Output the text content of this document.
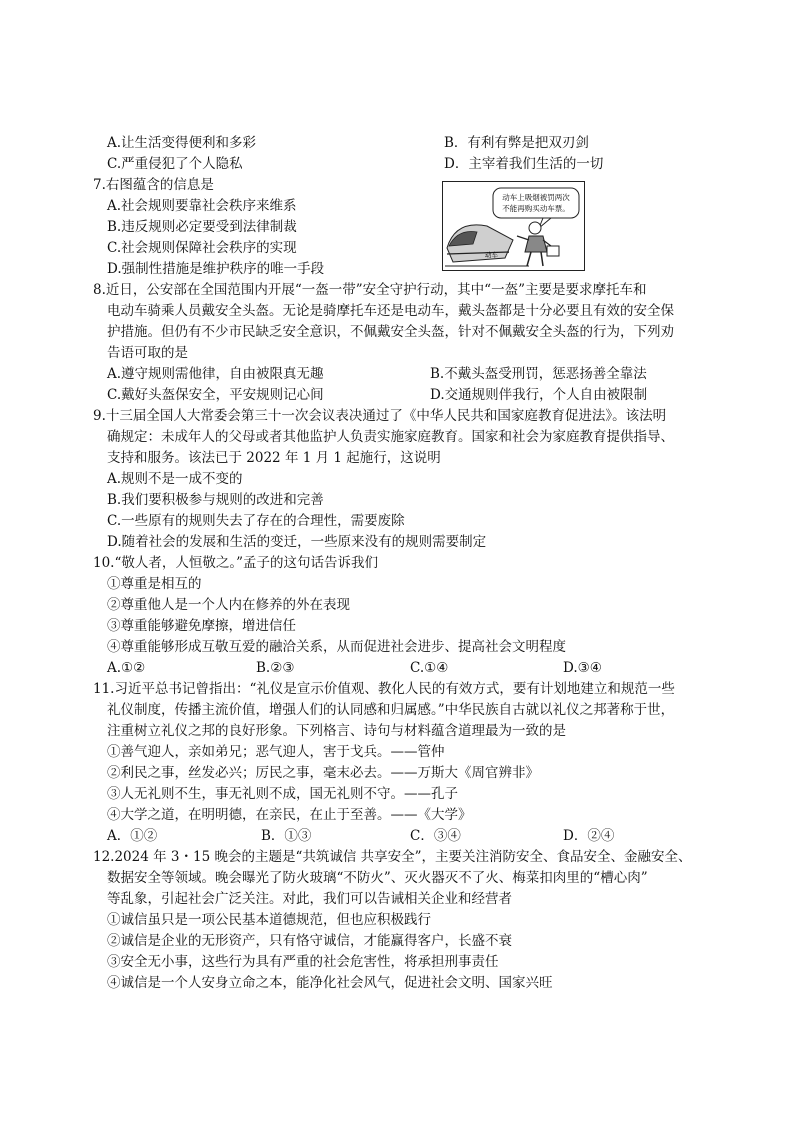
A.让生活变得便利和多彩	B．有利有弊是把双刃剑
C.严重侵犯了个人隐私	D．主宰着我们生活的一切
7.右图蕴含的信息是
A.社会规则要靠社会秩序来维系
B.违反规则必定要受到法律制裁
C.社会规则保障社会秩序的实现
D.强制性措施是维护秩序的唯一手段
动车上吸烟被罚两次
不能再购买动车票。
动车
8.近日，公安部在全国范围内开展“一盔一带”安全守护行动，其中“一盔”主要是要求摩托车和
电动车骑乘人员戴安全头盔。无论是骑摩托车还是电动车，戴头盔都是十分必要且有效的安全保
护措施。但仍有不少市民缺乏安全意识，不佩戴安全头盔，针对不佩戴安全头盔的行为，下列劝
告语可取的是
A.遵守规则需他律，自由被限真无趣	B.不戴头盔受刑罚，惩恶扬善全靠法
C.戴好头盔保安全，平安规则记心间	D.交通规则伴我行，个人自由被限制
9.十三届全国人大常委会第三十一次会议表决通过了《中华人民共和国家庭教育促进法》。该法明
确规定：未成年人的父母或者其他监护人负责实施家庭教育。国家和社会为家庭教育提供指导、
支持和服务。该法已于 2022 年 1 月 1 起施行，这说明
A.规则不是一成不变的
B.我们要积极参与规则的改进和完善
C.一些原有的规则失去了存在的合理性，需要废除
D.随着社会的发展和生活的变迁，一些原来没有的规则需要制定
10.“敬人者，人恒敬之。”孟子的这句话告诉我们
①尊重是相互的
②尊重他人是一个人内在修养的外在表现
③尊重能够避免摩擦，增进信任
④尊重能够形成互敬互爱的融洽关系，从而促进社会进步、提高社会文明程度
A.①②	B.②③	C.①④	D.③④
11.习近平总书记曾指出：“礼仪是宣示价值观、教化人民的有效方式，要有计划地建立和规范一些
礼仪制度，传播主流价值，增强人们的认同感和归属感。”中华民族自古就以礼仪之邦著称于世，
注重树立礼仪之邦的良好形象。下列格言、诗句与材料蕴含道理最为一致的是
①善气迎人，亲如弟兄；恶气迎人，害于戈兵。——管仲
②利民之事，丝发必兴；厉民之事，毫末必去。——万斯大《周官辨非》
③人无礼则不生，事无礼则不成，国无礼则不守。——孔子
④大学之道，在明明德，在亲民，在止于至善。——《大学》
A．①②	B．①③	C．③④	D．②④
12.2024 年 3・15 晚会的主题是“共筑诚信 共享安全”，主要关注消防安全、食品安全、金融安全、
数据安全等领域。晚会曝光了防火玻璃“不防火”、灭火器灭不了火、梅菜扣肉里的“槽心肉”
等乱象，引起社会广泛关注。对此，我们可以告诫相关企业和经营者
①诚信虽只是一项公民基本道德规范，但也应积极践行
②诚信是企业的无形资产，只有恪守诚信，才能赢得客户，长盛不衰
③安全无小事，这些行为具有严重的社会危害性，将承担刑事责任
④诚信是一个人安身立命之本，能净化社会风气，促进社会文明、国家兴旺
